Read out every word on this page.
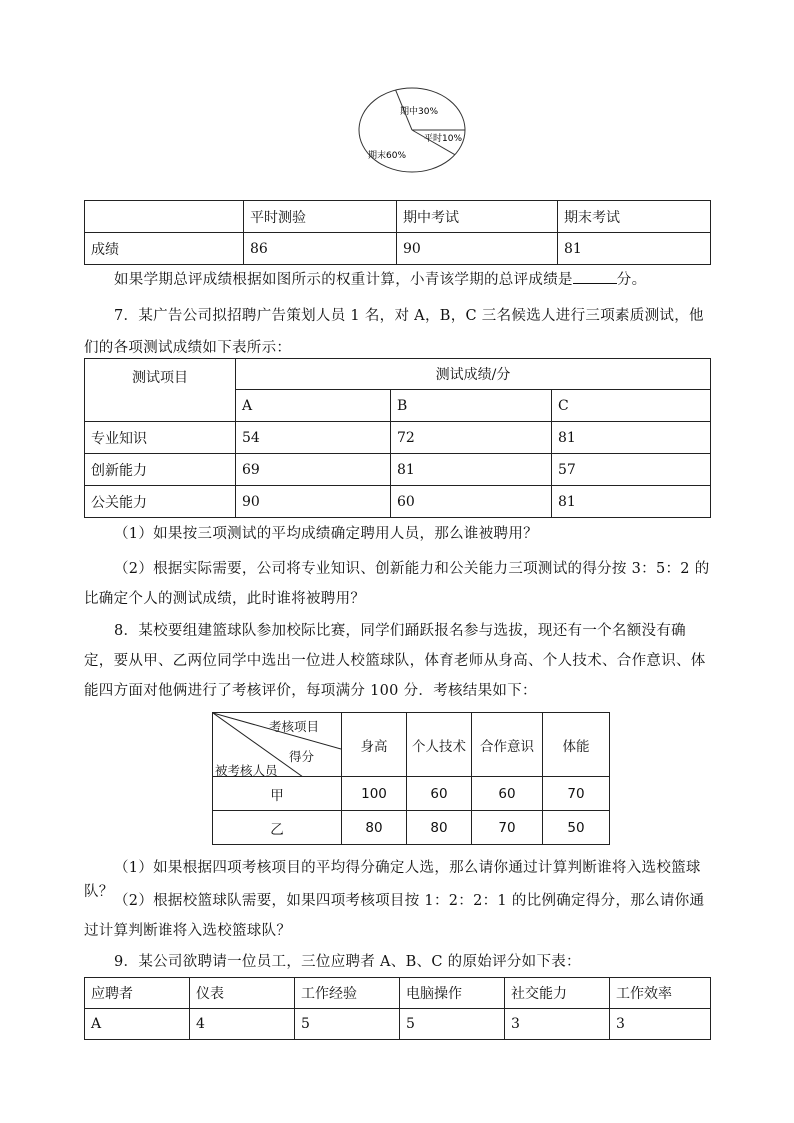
期中30%
平时10%
期末60%
	平时测验	期中考试	期末考试
成绩	86	90	81
如果学期总评成绩根据如图所示的权重计算，小青该学期的总评成绩是	分。
7．某广告公司拟招聘广告策划人员 1 名，对 A，B，C 三名候选人进行三项素质测试，他们的各项测试成绩如下表所示：
测试项目	测试成绩/分		
	A	B	C
专业知识	54	72	81
创新能力	69	81	57
公关能力	90	60	81
（1）如果按三项测试的平均成绩确定聘用人员，那么谁被聘用？
（2）根据实际需要，公司将专业知识、创新能力和公关能力三项测试的得分按 3：5：2 的比确定个人的测试成绩，此时谁将被聘用？
8．某校要组建篮球队参加校际比赛，同学们踊跃报名参与选拔，现还有一个名额没有确定，要从甲、乙两位同学中选出一位进人校篮球队，体育老师从身高、个人技术、合作意识、体能四方面对他俩进行了考核评价，每项满分 100 分．考核结果如下：
考核项目
得分
被考核人员	身高	个人技术	合作意识	体能
甲	100	60	60	70
乙	80	80	70	50
（1）如果根据四项考核项目的平均得分确定人选，那么请你通过计算判断谁将入选校篮球队？
（2）根据校篮球队需要，如果四项考核项目按 1：2：2：1 的比例确定得分，那么请你通过计算判断谁将入选校篮球队？
9．某公司欲聘请一位员工，三位应聘者 A、B、C 的原始评分如下表：
应聘者	仪表	工作经验	电脑操作	社交能力	工作效率
A	4	5	5	3	3
